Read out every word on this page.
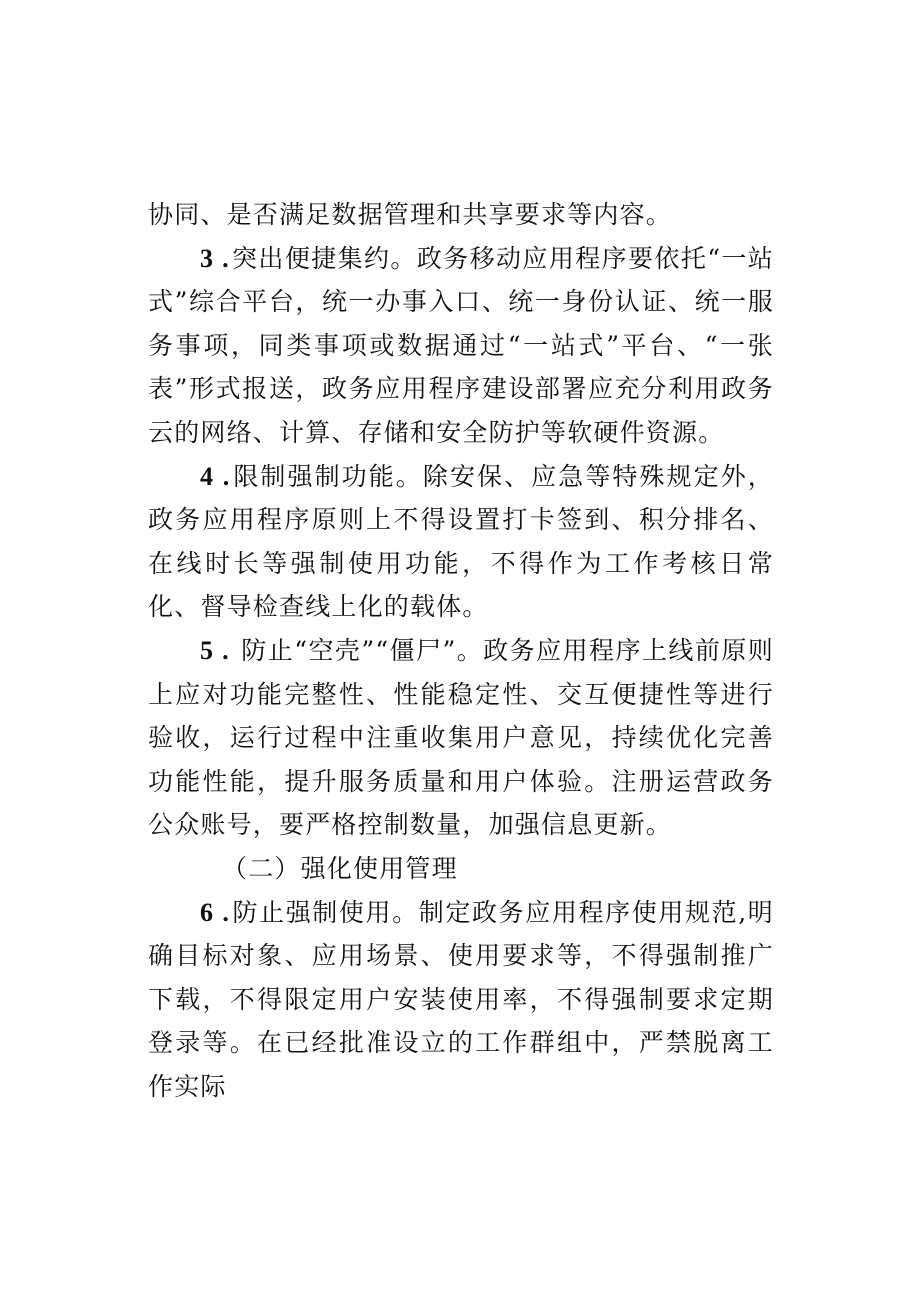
协同、是否满足数据管理和共享要求等内容。

3 .突出便捷集约。政务移动应用程序要依托“一站式”综合平台，统一办事入口、统一身份认证、统一服务事项，同类事项或数据通过“一站式”平台、“一张表”形式报送，政务应用程序建设部署应充分利用政务云的网络、计算、存储和安全防护等软硬件资源。

4 .限制强制功能。除安保、应急等特殊规定外，政务应用程序原则上不得设置打卡签到、积分排名、在线时长等强制使用功能，不得作为工作考核日常化、督导检查线上化的载体。

5 . 防止“空壳”“僵尸”。政务应用程序上线前原则上应对功能完整性、性能稳定性、交互便捷性等进行验收，运行过程中注重收集用户意见，持续优化完善功能性能，提升服务质量和用户体验。注册运营政务公众账号，要严格控制数量，加强信息更新。

（二）强化使用管理

6 .防止强制使用。制定政务应用程序使用规范,明确目标对象、应用场景、使用要求等，不得强制推广下载，不得限定用户安装使用率，不得强制要求定期登录等。在已经批准设立的工作群组中，严禁脱离工作实际
